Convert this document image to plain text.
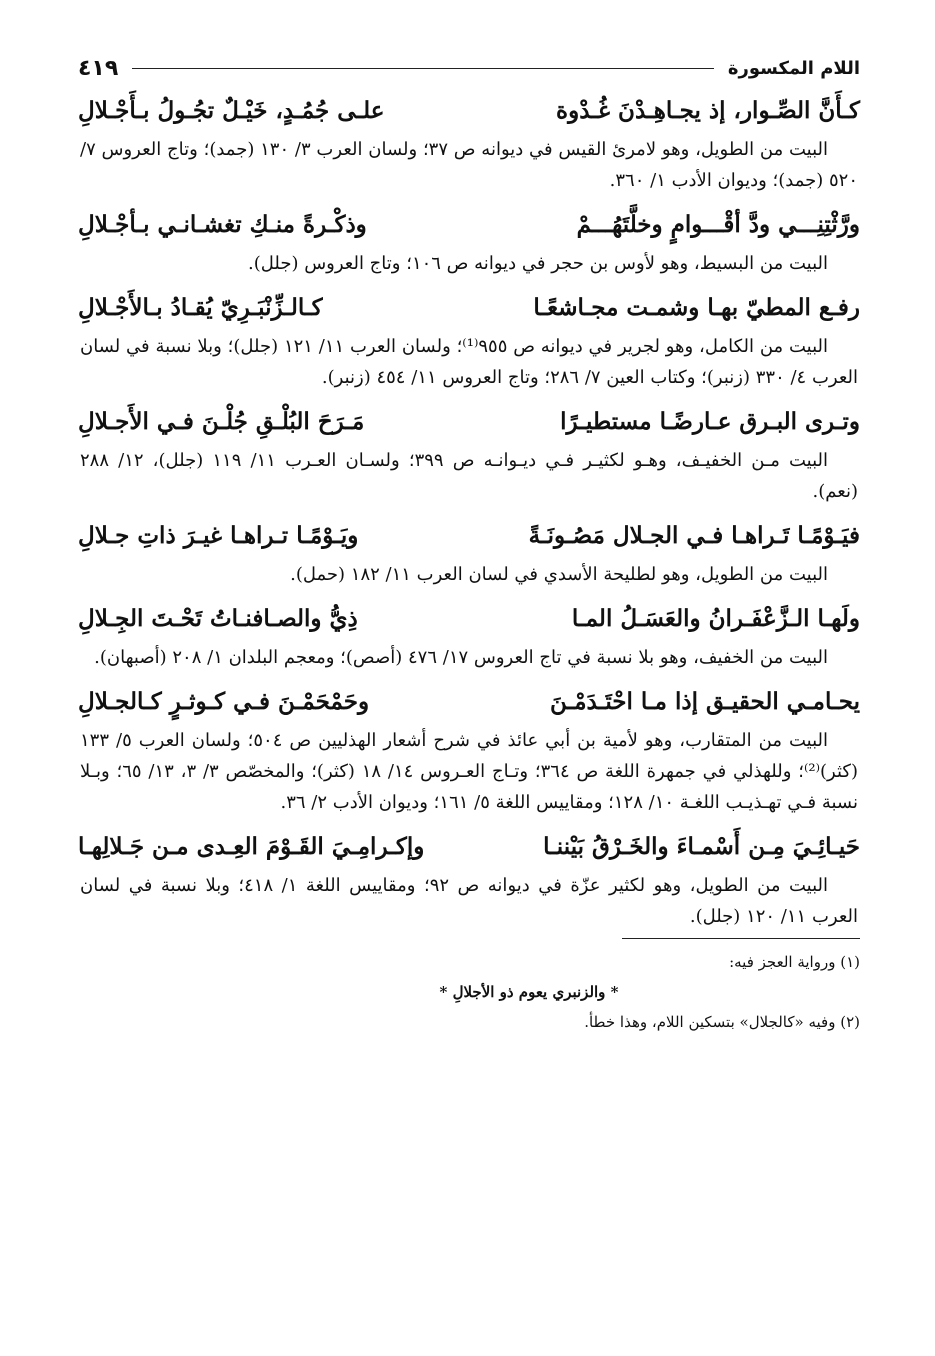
اللام المكسورة
٤١٩
كـأَنَّ الصِّـوار، إذ يجـاهِـدْنَ غُـدْوة
علـى جُمُـدٍ، خَيْـلٌ تجُـولُ بـأَجْـلالِ

البيت من الطويل، وهو لامرئ القيس في ديوانه ص ٣٧؛ ولسان العرب ٣/ ١٣٠ (جمد)؛ وتاج العروس ٧/ ٥٢٠ (جمد)؛ وديوان الأدب ١/ ٣٦٠.

ورَّثْتِنِـــي ودَّ أقْـــوامٍ وخلَّتَهُـــمْ
وذكْـرةً منـكِ تغشـانـي بـأجْـلالِ

البيت من البسيط، وهو لأوس بن حجر في ديوانه ص ١٠٦؛ وتاج العروس (جلل).

رفـع المطيّ بهـا وشمـت مجـاشعًـا
كـالـزِّنْبَـرِيّ يُقـادُ بـالأَجْـلالِ

البيت من الكامل، وهو لجرير في ديوانه ص ٩٥٥⁽¹⁾؛ ولسان العرب ١١/ ١٢١ (جلل)؛ وبلا نسبة في لسان العرب ٤/ ٣٣٠ (زنبر)؛ وكتاب العين ٧/ ٢٨٦؛ وتاج العروس ١١/ ٤٥٤ (زنبر).

وتـرى البـرق عـارضًـا مستطيـرًا
مَـرَحَ البُلْـقِ جُلْـنَ فـي الأَجـلالِ

البيت مـن الخفيـف، وهـو لكثيـر فـي ديـوانـه ص ٣٩٩؛ ولسـان العـرب ١١/ ١١٩ (جلل)، ١٢/ ٢٨٨ (نعم).

فيَـوْمًـا تَـراهـا فـي الجـلال مَصُـونَـةً
ويَـوْمًـا تـراهـا غيـرَ ذاتِ جـلالِ

البيت من الطويل، وهو لطليحة الأسدي في لسان العرب ١١/ ١٨٢ (حمل).

ولَهـا الـزَّعْفَـرانُ والعَسَـلُ المـا
ذِيُّ والصـافنـاتُ تَحْـتَ الجِـلالِ

البيت من الخفيف، وهو بلا نسبة في تاج العروس ١٧/ ٤٧٦ (أصص)؛ ومعجم البلدان ١/ ٢٠٨ (أصبهان).

يحـامـي الحقيـق إذا مـا احْتَـدَمْـنَ
وحَمْحَمْـنَ فـي كـوثـرٍ كـالجـلالِ

البيت من المتقارب، وهو لأمية بن أبي عائذ في شرح أشعار الهذليين ص ٥٠٤؛ ولسان العرب ٥/ ١٣٣ (كثر)⁽²⁾؛ وللهذلي في جمهرة اللغة ص ٣٦٤؛ وتـاج العـروس ١٤/ ١٨ (كثر)؛ والمخصّص ٣/ ٣، ١٣/ ٦٥؛ وبـلا نسبة فـي تهـذيـب اللغـة ١٠/ ١٢٨؛ ومقاييس اللغة ٥/ ١٦١؛ وديوان الأدب ٢/ ٣٦.

حَيـائِـيَ مِـن أَسْمـاءَ والخَـرْقُ بَيْننـا
وإكـرامِـيَ القَـوْمَ العِـدى مـن جَـلالِهـا

البيت من الطويل، وهو لكثير عزّة في ديوانه ص ٩٢؛ ومقاييس اللغة ١/ ٤١٨؛ وبلا نسبة في لسان العرب ١١/ ١٢٠ (جلل).

(١) ورواية العجز فيه:
* والزنبري يعوم ذو الأجلالِ *
(٢) وفيه «كالجلال» بتسكين اللام، وهذا خطأ.
